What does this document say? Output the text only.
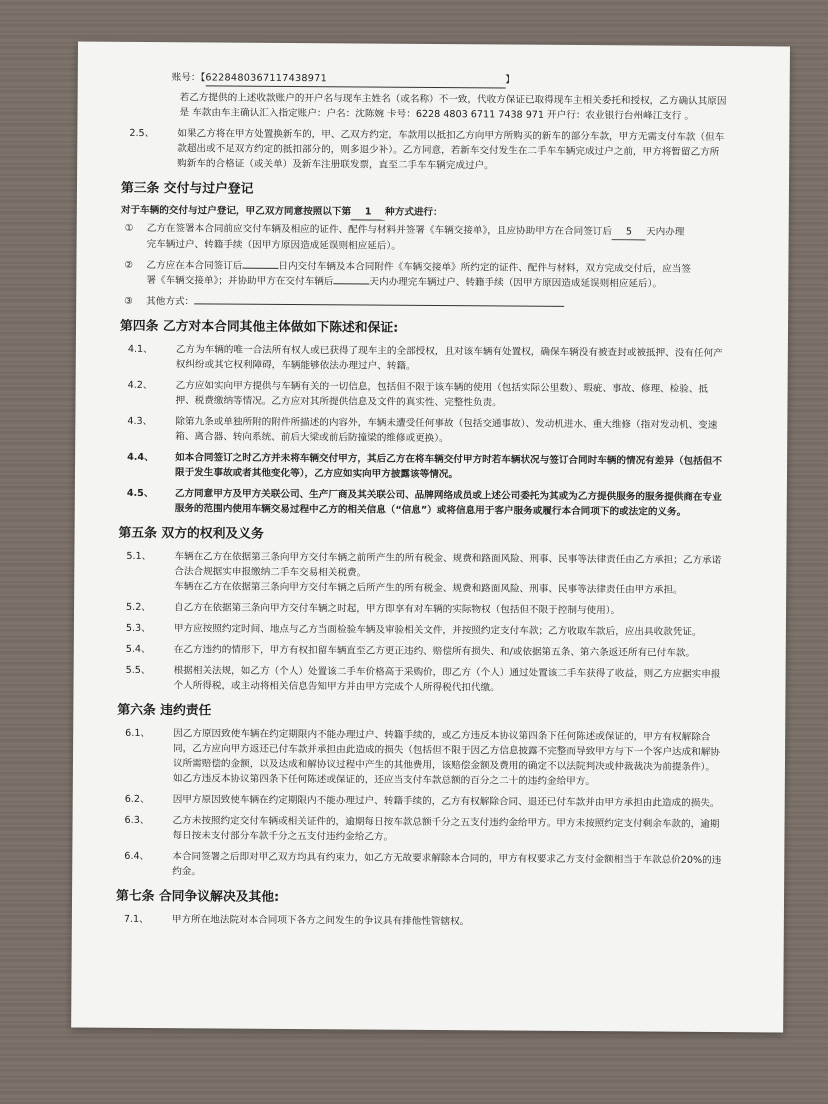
账号：【6228480367117438971	】
若乙方提供的上述收款账户的开户名与现车主姓名（或名称）不一致，代收方保证已取得现车主相关委托和授权，乙方确认其原因
是 车款由车主确认汇入指定账户：户名：沈陈婉 卡号：6228 4803 6711 7438 971 开户行：农业银行台州峰江支行 。
2.5、 如果乙方将在甲方处置换新车的，甲、乙双方约定，车款用以抵扣乙方向甲方所购买的新车的部分车款，甲方无需支付车款（但车
款超出或不足双方约定的抵扣部分的，则多退少补）。乙方同意，若新车交付发生在二手车车辆完成过户之前，甲方将暂留乙方所
购新车的合格证（或关单）及新车注册联发票，直至二手车车辆完成过户。
第三条 交付与过户登记
对于车辆的交付与过户登记，甲乙双方同意按照以下第 1 种方式进行：
① 乙方在签署本合同前应交付车辆及相应的证件、配件与材料并签署《车辆交接单》，且应协助甲方在合同签订后 5 天内办理
完车辆过户、转籍手续（因甲方原因造成延误则相应延后）。
② 乙方应在本合同签订后	日内交付车辆及本合同附件《车辆交接单》所约定的证件、配件与材料，双方完成交付后，应当签
署《车辆交接单》；并协助甲方在交付车辆后	天内办理完车辆过户、转籍手续（因甲方原因造成延误则相应延后）。
③ 其他方式：
第四条 乙方对本合同其他主体做如下陈述和保证:
4.1、 乙方为车辆的唯一合法所有权人或已获得了现车主的全部授权，且对该车辆有处置权，确保车辆没有被查封或被抵押、没有任何产
权纠纷或其它权利障碍，车辆能够依法办理过户、转籍。
4.2、 乙方应如实向甲方提供与车辆有关的一切信息，包括但不限于该车辆的使用（包括实际公里数）、瑕疵、事故、修理、检验、抵
押、税费缴纳等情况。乙方应对其所提供信息及文件的真实性、完整性负责。
4.3、 除第九条或单独所附的附件所描述的内容外，车辆未遭受任何事故（包括交通事故）、发动机进水、重大维修（指对发动机、变速
箱、离合器、转向系统、前后大梁或前后防撞梁的维修或更换）。
4.4、 如本合同签订之时乙方并未将车辆交付甲方，其后乙方在将车辆交付甲方时若车辆状况与签订合同时车辆的情况有差异（包括但不
限于发生事故或者其他变化等），乙方应如实向甲方披露该等情况。
4.5、 乙方同意甲方及甲方关联公司、生产厂商及其关联公司、品牌网络成员或上述公司委托为其或为乙方提供服务的服务提供商在专业
服务的范围内使用车辆交易过程中乙方的相关信息（“信息”）或将信息用于客户服务或履行本合同项下的或法定的义务。
第五条 双方的权利及义务
5.1、 车辆在乙方在依据第三条向甲方交付车辆之前所产生的所有税金、规费和路面风险、刑事、民事等法律责任由乙方承担；乙方承诺
合法合规据实申报缴纳二手车交易相关税费。
车辆在乙方在依据第三条向甲方交付车辆之后所产生的所有税金、规费和路面风险、刑事、民事等法律责任由甲方承担。
5.2、 自乙方在依据第三条向甲方交付车辆之时起，甲方即享有对车辆的实际物权（包括但不限于控制与使用）。
5.3、 甲方应按照约定时间、地点与乙方当面检验车辆及审验相关文件，并按照约定支付车款；乙方收取车款后，应出具收款凭证。
5.4、 在乙方违约的情形下，甲方有权扣留车辆直至乙方更正违约、赔偿所有损失、和/或依据第五条、第六条返还所有已付车款。
5.5、 根据相关法规，如乙方（个人）处置该二手车价格高于采购价，即乙方（个人）通过处置该二手车获得了收益，则乙方应据实申报
个人所得税，或主动将相关信息告知甲方并由甲方完成个人所得税代扣代缴。
第六条 违约责任
6.1、 因乙方原因致使车辆在约定期限内不能办理过户、转籍手续的，或乙方违反本协议第四条下任何陈述或保证的，甲方有权解除合
同，乙方应向甲方返还已付车款并承担由此造成的损失（包括但不限于因乙方信息披露不完整而导致甲方与下一个客户达成和解协
议所需赔偿的金额，以及达成和解协议过程中产生的其他费用，该赔偿金额及费用的确定不以法院判决或仲裁裁决为前提条件）。
如乙方违反本协议第四条下任何陈述或保证的，还应当支付车款总额的百分之二十的违约金给甲方。
6.2、 因甲方原因致使车辆在约定期限内不能办理过户、转籍手续的，乙方有权解除合同、退还已付车款并由甲方承担由此造成的损失。
6.3、 乙方未按照约定交付车辆或相关证件的，逾期每日按车款总额千分之五支付违约金给甲方。甲方未按照约定支付剩余车款的，逾期
每日按未支付部分车款千分之五支付违约金给乙方。
6.4、 本合同签署之后即对甲乙双方均具有约束力，如乙方无故要求解除本合同的，甲方有权要求乙方支付金额相当于车款总价20%的违
约金。
第七条 合同争议解决及其他:
7.1、 甲方所在地法院对本合同项下各方之间发生的争议具有排他性管辖权。
